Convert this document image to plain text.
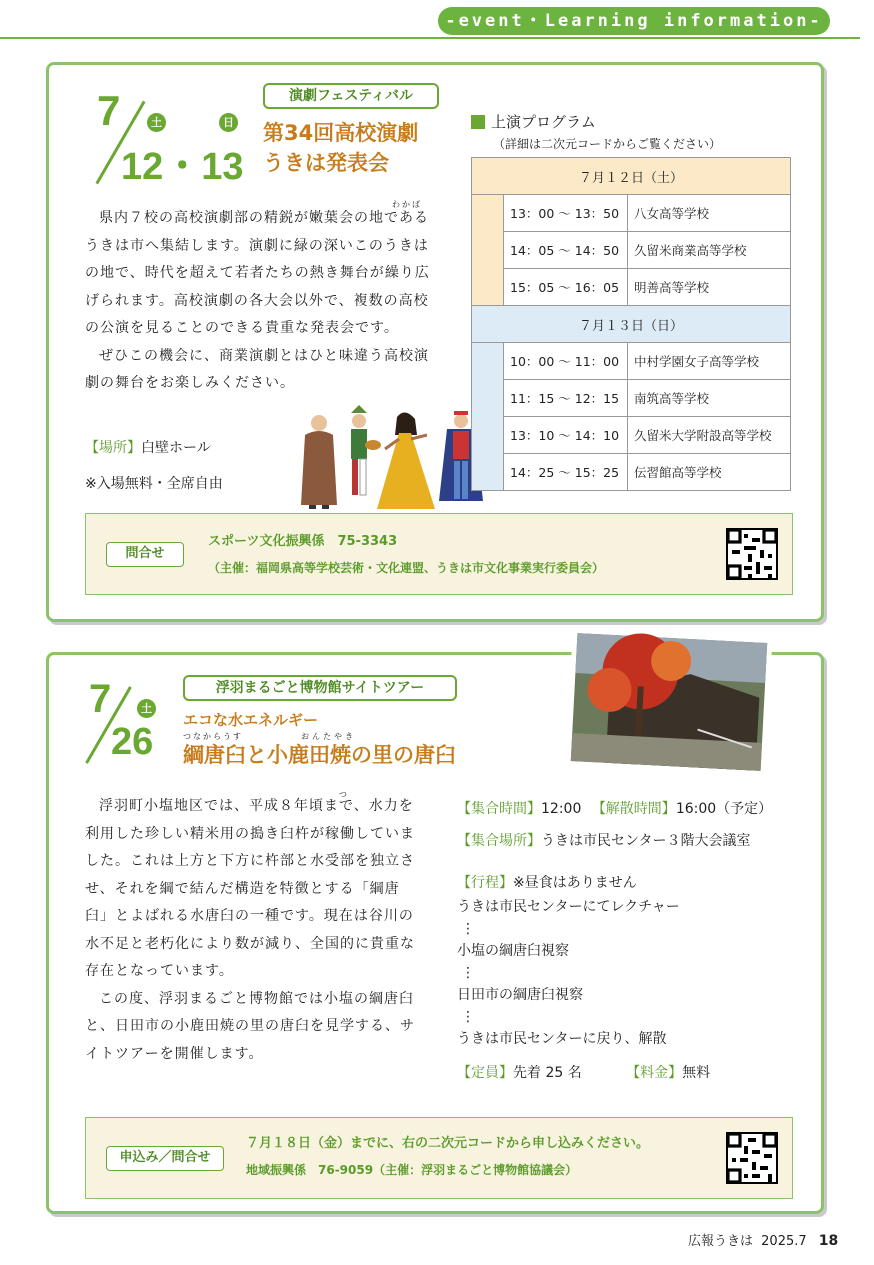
-event・Learning information-
7	土	日
12・13
演劇フェスティバル
第34回高校演劇
うきは発表会
わかば

県内７校の高校演劇部の精鋭が嫩葉会の地であるうきは市へ集結します。演劇に緑の深いこのうきはの地で、時代を超えて若者たちの熱き舞台が繰り広げられます。高校演劇の各大会以外で、複数の高校の公演を見ることのできる貴重な発表会です。

ぜひこの機会に、商業演劇とはひと味違う高校演劇の舞台をお楽しみください。

【場所】白壁ホール
※入場無料・全席自由
上演プログラム
（詳細は二次元コードからご覧ください）
７月１２日（土）		
	13：00 ～ 13：50	八女高等学校
	14：05 ～ 14：50	久留米商業高等学校
	15：05 ～ 16：05	明善高等学校
７月１３日（日）		
	10：00 ～ 11：00	中村学園女子高等学校
	11：15 ～ 12：15	南筑高等学校
	13：10 ～ 14：10	久留米大学附設高等学校
	14：25 ～ 15：25	伝習館高等学校
問合せ
スポーツ文化振興係　75-3343
（主催：福岡県高等学校芸術・文化連盟、うきは市文化事業実行委員会）
7	土
26
浮羽まるごと博物館サイトツアー
エコな水エネルギー
つなからうす	おんたやき
綱唐臼と小鹿田焼の里の唐臼
つ

浮羽町小塩地区では、平成８年頃まで、水力を利用した珍しい精米用の搗き臼杵が稼働していました。これは上方と下方に杵部と水受部を独立させ、それを綱で結んだ構造を特徴とする「綱唐臼」とよばれる水唐臼の一種です。現在は谷川の水不足と老朽化により数が減り、全国的に貴重な存在となっています。

この度、浮羽まるごと博物館では小塩の綱唐臼と、日田市の小鹿田焼の里の唐臼を見学する、サイトツアーを開催します。

【集合時間】12:00 【解散時間】16:00（予定）
【集合場所】うきは市民センター３階大会議室
【行程】※昼食はありません
うきは市民センターにてレクチャー
⋮
小塩の綱唐臼視察
⋮
日田市の綱唐臼視察
⋮
うきは市民センターに戻り、解散
【定員】先着 25 名	【料金】無料
申込み／問合せ
７月１８日（金）までに、右の二次元コードから申し込みください。
地域振興係　76-9059（主催：浮羽まるごと博物館協議会）
広報うきは 2025.7 18
